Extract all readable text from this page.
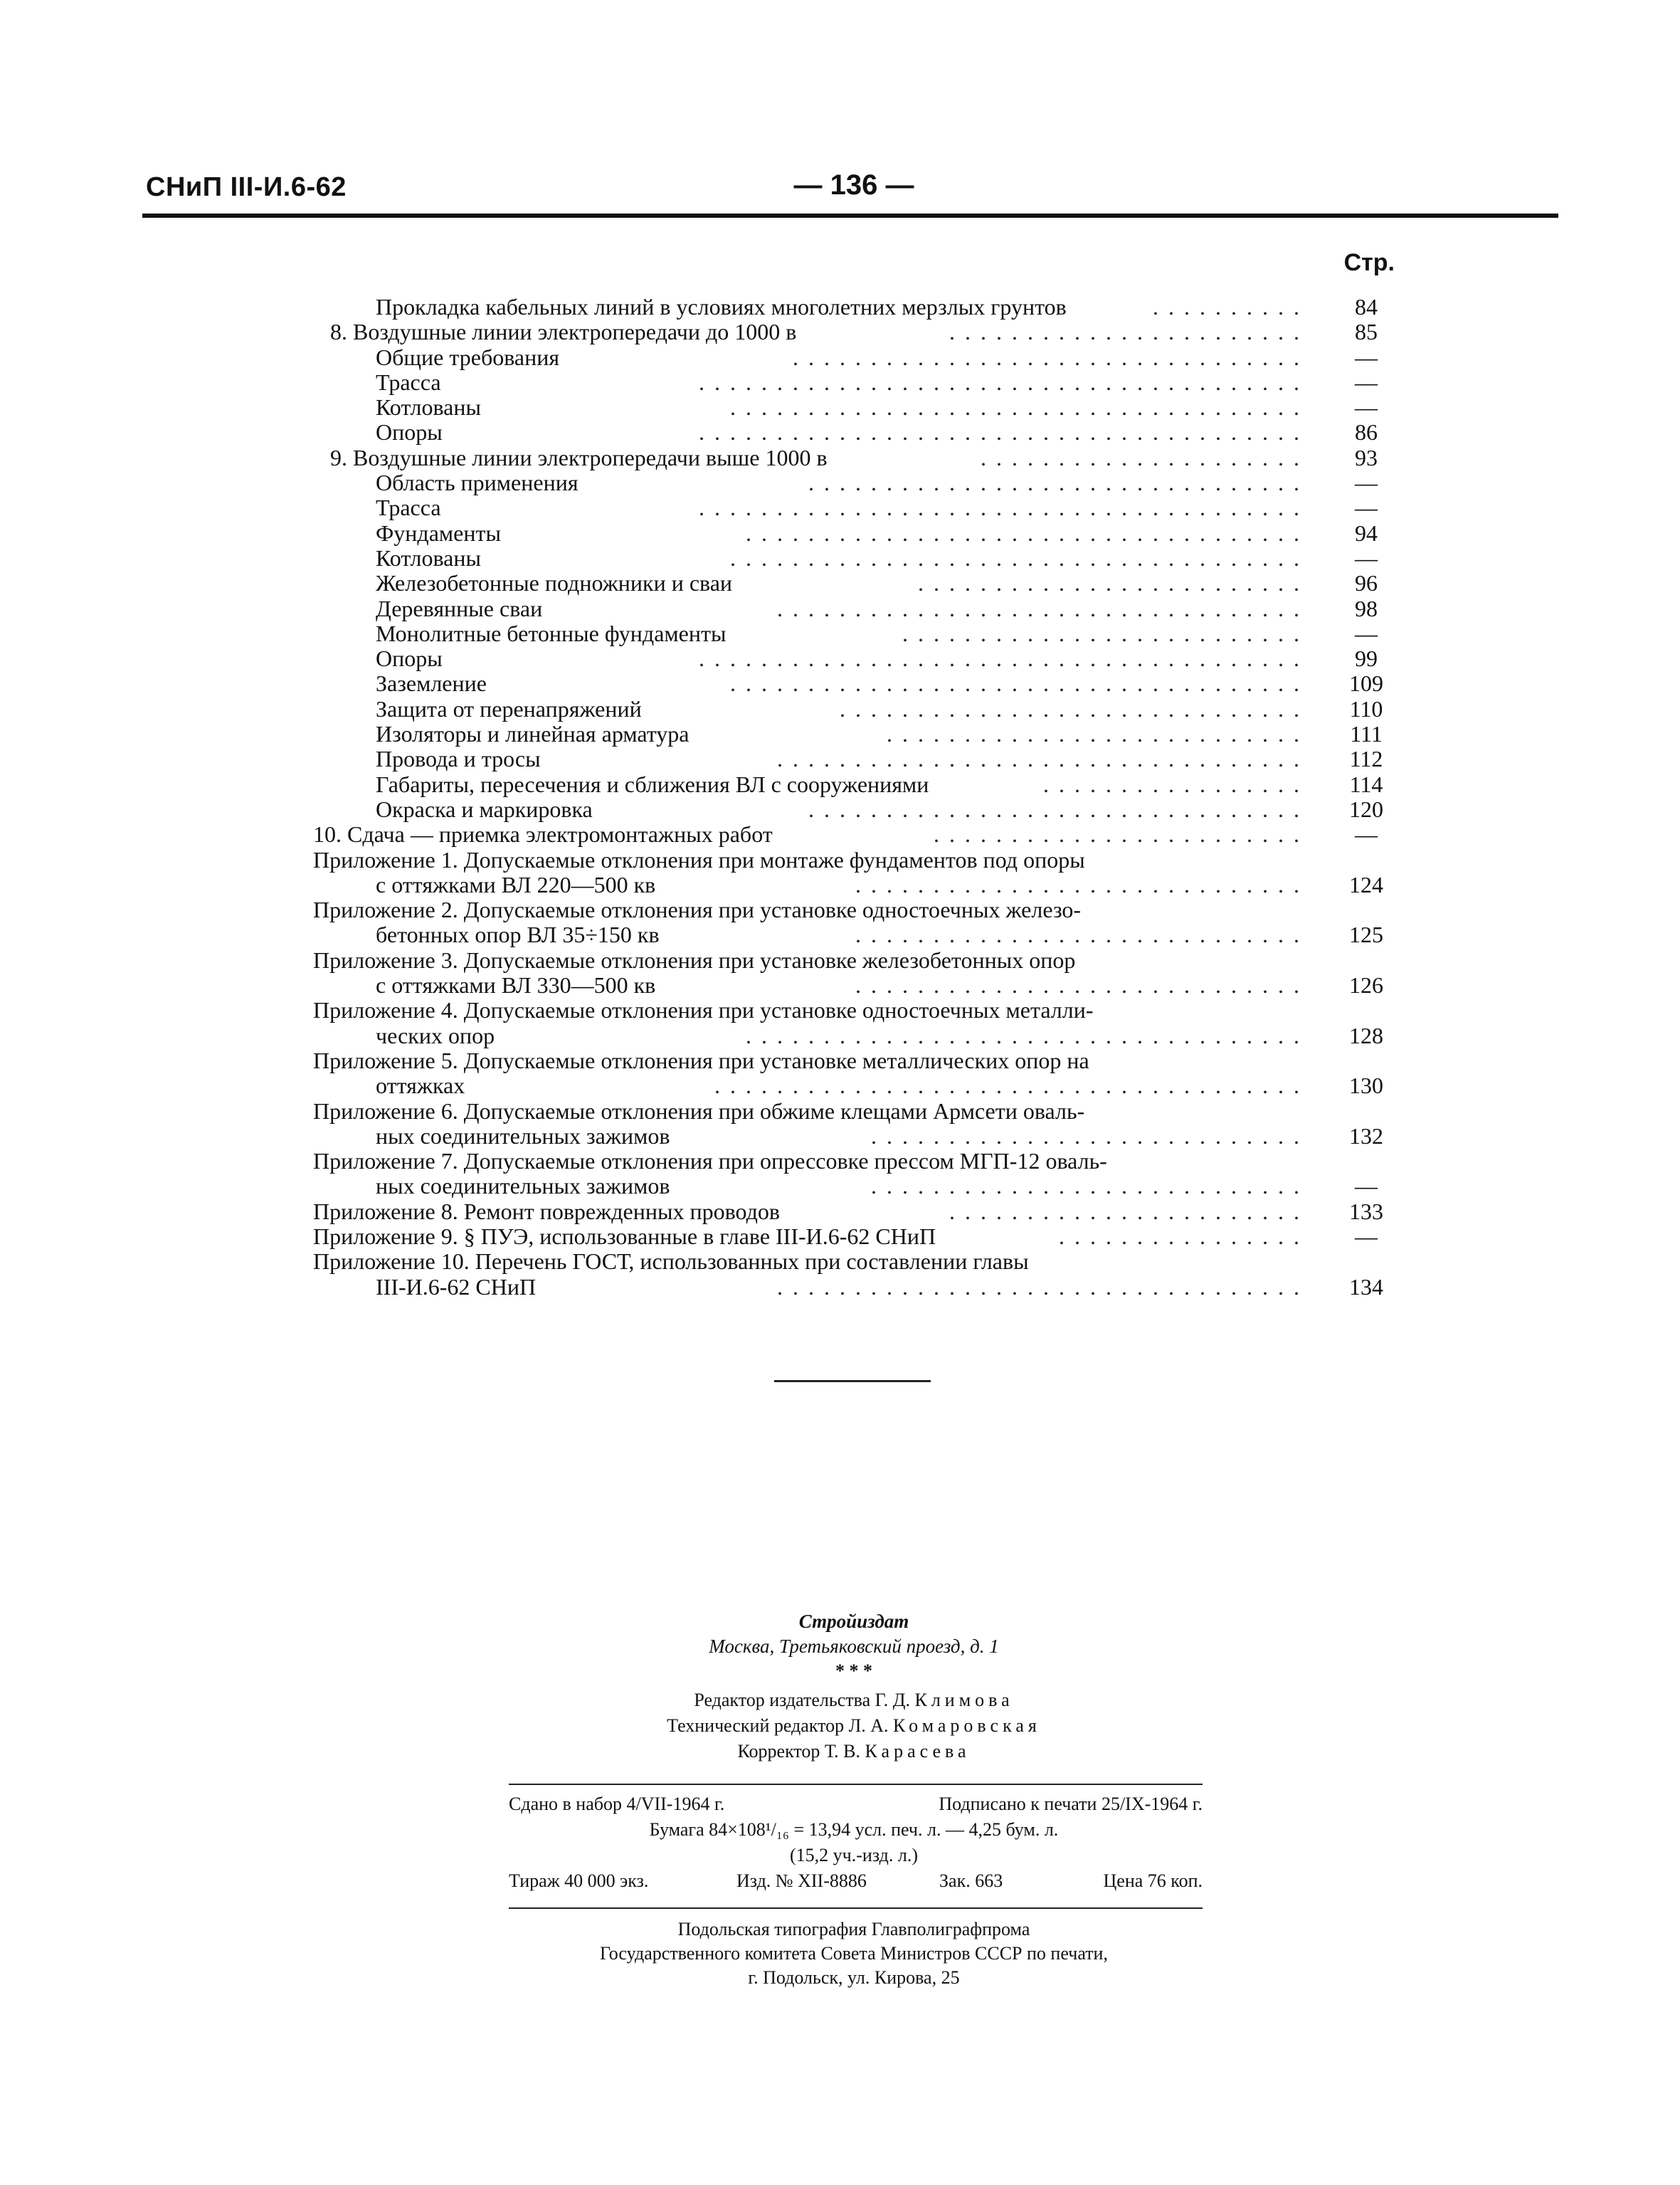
СНиП III-И.6-62	— 136 —
Стр.
Прокладка кабельных линий в условиях многолетних мерзлых грунтов	..........	84
8. Воздушные линии электропередачи до 1000 в	.......................	85
Общие требования	.................................	—
Трасса	.......................................	—
Котлованы	.....................................	—
Опоры	.......................................	86
9. Воздушные линии электропередачи выше 1000 в	.....................	93
Область применения	................................	—
Трасса	.......................................	—
Фундаменты	....................................	94
Котлованы	.....................................	—
Железобетонные подножники и сваи	.........................	96
Деревянные сваи	..................................	98
Монолитные бетонные фундаменты	..........................	—
Опоры	.......................................	99
Заземление	.....................................	109
Защита от перенапряжений	..............................	110
Изоляторы и линейная арматура	...........................	111
Провода и тросы	..................................	112
Габариты, пересечения и сближения ВЛ с сооружениями	.................	114
Окраска и маркировка	................................	120
10. Сдача — приемка электромонтажных работ	........................	—
Приложение 1. Допускаемые отклонения при монтаже фундаментов под опоры
с оттяжками ВЛ 220—500 кв	.............................	124
Приложение 2. Допускаемые отклонения при установке одностоечных железо-
бетонных опор ВЛ 35÷150 кв	.............................	125
Приложение 3. Допускаемые отклонения при установке железобетонных опор
с оттяжками ВЛ 330—500 кв	.............................	126
Приложение 4. Допускаемые отклонения при установке одностоечных металли-
ческих опор	....................................	128
Приложение 5. Допускаемые отклонения при установке металлических опор на
оттяжках	......................................	130
Приложение 6. Допускаемые отклонения при обжиме клещами Армсети оваль-
ных соединительных зажимов	............................	132
Приложение 7. Допускаемые отклонения при опрессовке прессом МГП-12 оваль-
ных соединительных зажимов	............................	—
Приложение 8. Ремонт поврежденных проводов	.......................	133
Приложение 9. § ПУЭ, использованные в главе III-И.6-62 СНиП	................	—
Приложение 10. Перечень ГОСТ, использованных при составлении главы
III-И.6-62 СНиП	..................................	134
Стройиздат
Москва, Третьяковский проезд, д. 1
* * *
Редактор издательства Г. Д. Климова
Технический редактор Л. А. Комаровская
Корректор Т. В. Карасева
Сдано в набор 4/VII-1964 г.	Подписано к печати 25/IX-1964 г.
Бумага 84×108¹/₁₆ = 13,94 усл. печ. л. — 4,25 бум. л.
(15,2 уч.-изд. л.)
Тираж 40 000 экз.	Изд. № XII-8886	Зак. 663	Цена 76 коп.
Подольская типография Главполиграфпрома
Государственного комитета Совета Министров СССР по печати,
г. Подольск, ул. Кирова, 25
